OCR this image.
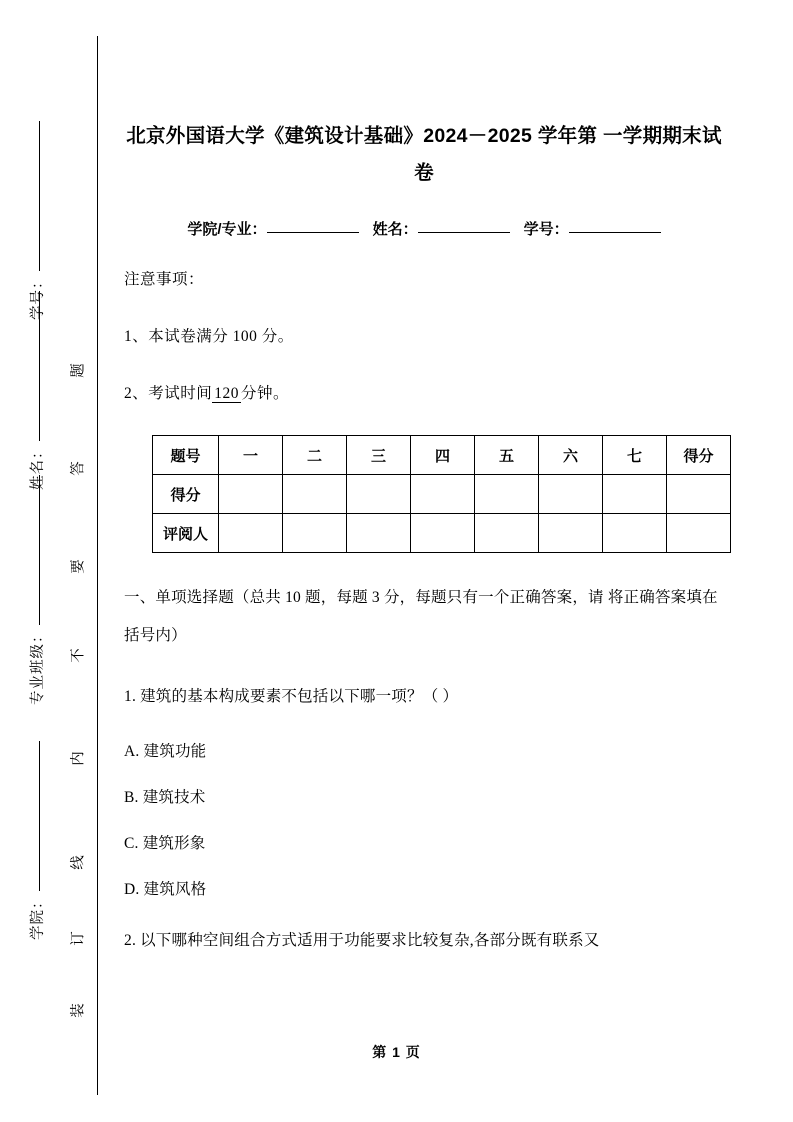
学号：
姓名：
专业班级：
学院：
题
答
要
不
内
线
订
装
北京外国语大学《建筑设计基础》2024－2025 学年第 一学期期末试卷
学院/专业：	姓名：	学号：

注意事项：

1、本试卷满分 100 分。

2、考试时间 120 分钟。

题号	一	二	三	四	五	六	七	得分
得分								
评阅人								

一、单项选择题（总共 10 题，每题 3 分，每题只有一个正确答案，请 将正确答案填在括号内）

1. 建筑的基本构成要素不包括以下哪一项？（ ）

A. 建筑功能

B. 建筑技术

C. 建筑形象

D. 建筑风格

2. 以下哪种空间组合方式适用于功能要求比较复杂,各部分既有联系又

第 1 页
